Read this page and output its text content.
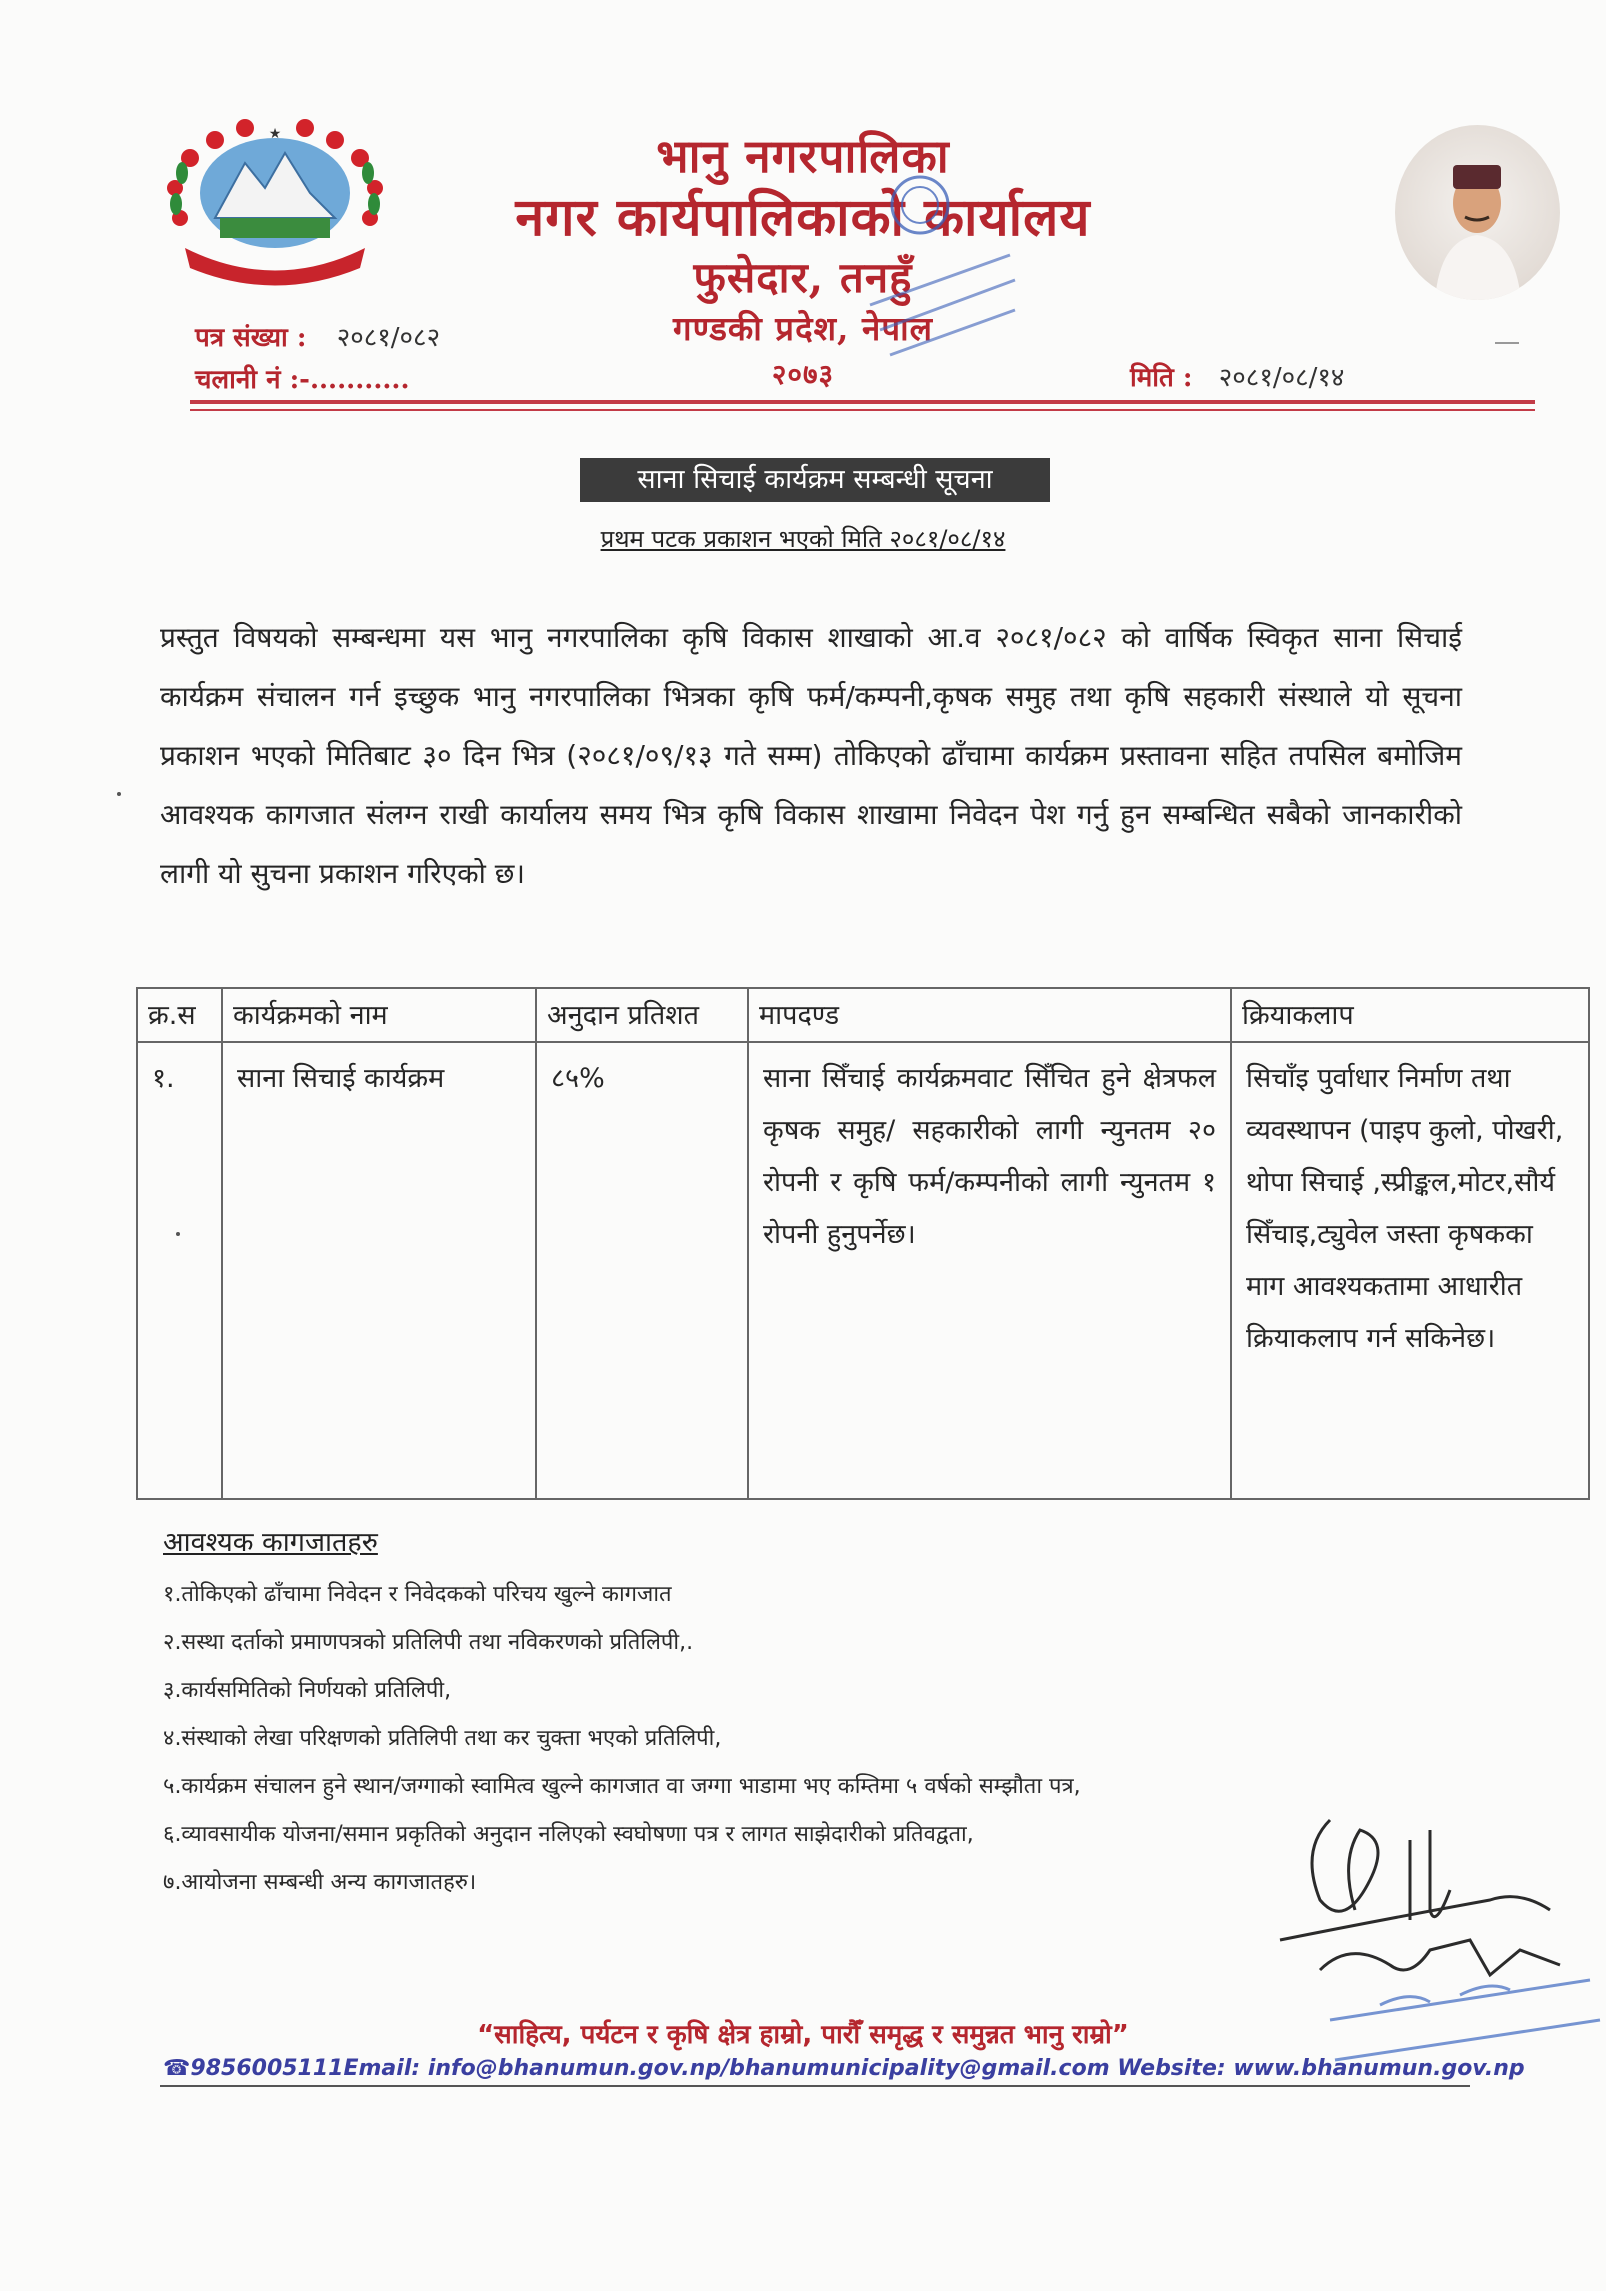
★	भानु नगरपालिका
नगर कार्यपालिकाको कार्यालय
फुसेदार, तनहुँ
गण्डकी प्रदेश, नेपाल
२०७३
पत्र संख्या : २०८१/०८२
चलानी नं :-...........	मिति : २०८१/०८/१४
साना सिचाई कार्यक्रम सम्बन्धी सूचना
प्रथम पटक प्रकाशन भएको मिति २०८१/०८/१४
प्रस्तुत विषयको सम्बन्धमा यस भानु नगरपालिका कृषि विकास शाखाको आ.व २०८१/०८२ को वार्षिक स्विकृत साना सिचाई कार्यक्रम संचालन गर्न इच्छुक भानु नगरपालिका भित्रका कृषि फर्म/कम्पनी,कृषक समुह तथा कृषि सहकारी संस्थाले यो सूचना प्रकाशन भएको मितिबाट ३० दिन भित्र (२०८१/०९/१३ गते सम्म) तोकिएको ढाँचामा कार्यक्रम प्रस्तावना सहित तपसिल बमोजिम आवश्यक कागजात संलग्न राखी कार्यालय समय भित्र कृषि विकास शाखामा निवेदन पेश गर्नु हुन सम्बन्धित सबैको जानकारीको लागी यो सुचना प्रकाशन गरिएको छ।
क्र.स	कार्यक्रमको नाम	अनुदान प्रतिशत	मापदण्ड	क्रियाकलाप
१.	साना सिचाई कार्यक्रम	८५%	साना सिँचाई कार्यक्रमवाट सिँचित हुने क्षेत्रफल कृषक समुह/ सहकारीको लागी न्युनतम २० रोपनी र कृषि फर्म/कम्पनीको लागी न्युनतम १ रोपनी हुनुपर्नेछ।	सिचाँइ पुर्वाधार निर्माण तथा व्यवस्थापन (पाइप कुलो, पोखरी, थोपा सिचाई ,स्प्रीङ्कल,मोटर,सौर्य सिँचाइ,ट्युवेल जस्ता कृषकका माग आवश्यकतामा आधारीत क्रियाकलाप गर्न सकिनेछ।
आवश्यक कागजातहरु
१.तोकिएको ढाँचामा निवेदन र निवेदकको परिचय खुल्ने कागजात
२.सस्था दर्ताको प्रमाणपत्रको प्रतिलिपी तथा नविकरणको प्रतिलिपी,.
३.कार्यसमितिको निर्णयको प्रतिलिपी,
४.संस्थाको लेखा परिक्षणको प्रतिलिपी तथा कर चुक्ता भएको प्रतिलिपी,
५.कार्यक्रम संचालन हुने स्थान/जग्गाको स्वामित्व खुल्ने कागजात वा जग्गा भाडामा भए कम्तिमा ५ वर्षको सम्झौता पत्र,
६.व्यावसायीक योजना/समान प्रकृतिको अनुदान नलिएको स्वघोषणा पत्र र लागत साझेदारीको प्रतिवद्वता,
७.आयोजना सम्बन्धी अन्य कागजातहरु।
“साहित्य, पर्यटन र कृषि क्षेत्र हाम्रो, पारौँ समृद्ध र समुन्नत भानु राम्रो”
☎9856005111Email: info@bhanumun.gov.np/bhanumunicipality@gmail.com Website: www.bhanumun.gov.np
